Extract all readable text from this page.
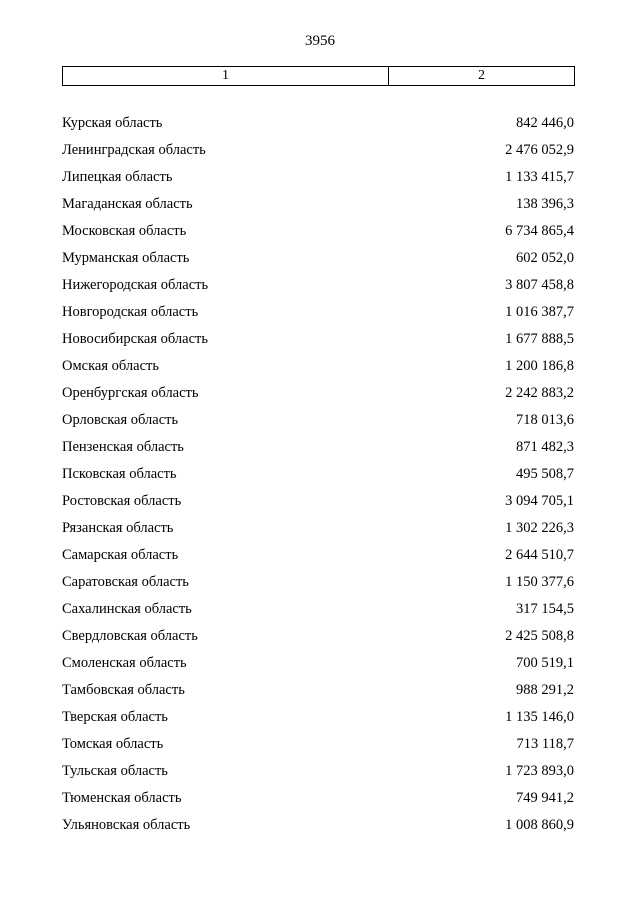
3956
1	2
Курская область	842 446,0
Ленинградская область	2 476 052,9
Липецкая область	1 133 415,7
Магаданская область	138 396,3
Московская область	6 734 865,4
Мурманская область	602 052,0
Нижегородская область	3 807 458,8
Новгородская область	1 016 387,7
Новосибирская область	1 677 888,5
Омская область	1 200 186,8
Оренбургская область	2 242 883,2
Орловская область	718 013,6
Пензенская область	871 482,3
Псковская область	495 508,7
Ростовская область	3 094 705,1
Рязанская область	1 302 226,3
Самарская область	2 644 510,7
Саратовская область	1 150 377,6
Сахалинская область	317 154,5
Свердловская область	2 425 508,8
Смоленская область	700 519,1
Тамбовская область	988 291,2
Тверская область	1 135 146,0
Томская область	713 118,7
Тульская область	1 723 893,0
Тюменская область	749 941,2
Ульяновская область	1 008 860,9
